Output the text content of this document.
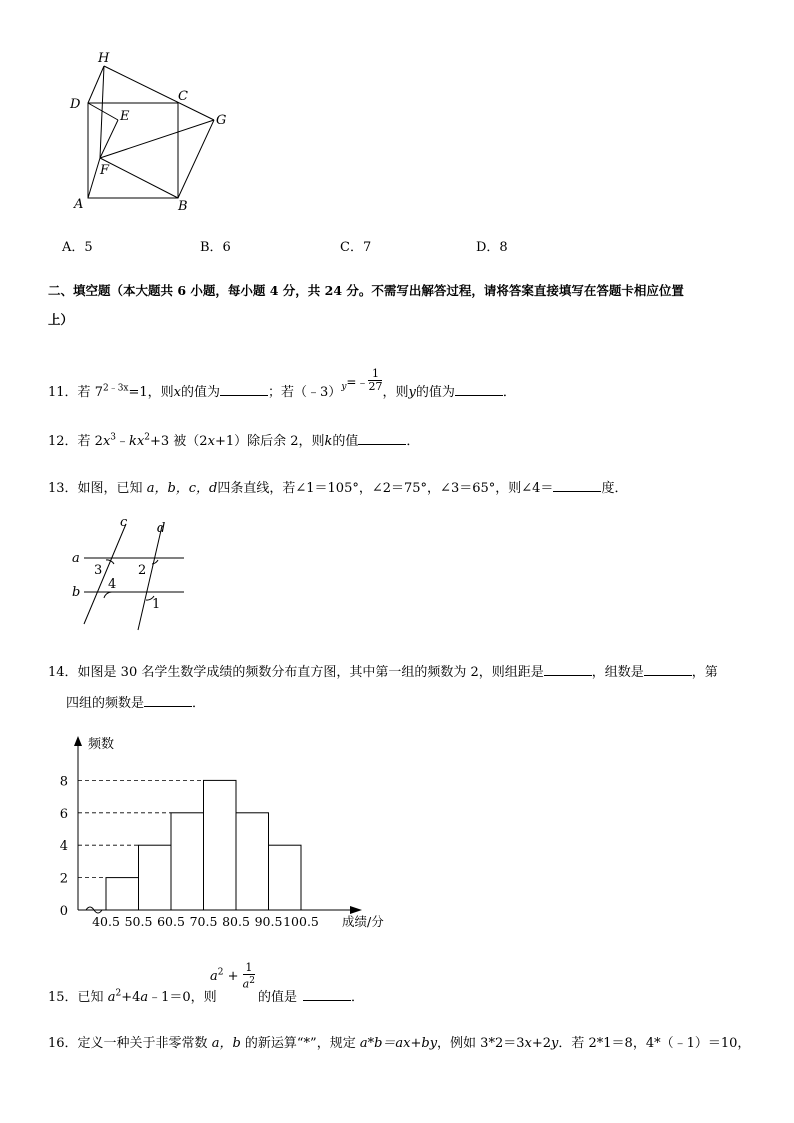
H
D
C
E	G
F
A	B
A．5	B．6	C．7	D．8
二、填空题（本大题共 6 小题，每小题 4 分，共 24 分。不需写出解答过程，请将答案直接填写在答题卡相应位置
上）
11．若 $7^{2﹣3x}=1$，则x的值为	；若（﹣3）$^y$=﹣ $\frac{1}{27}$ ，则y的值为	．
12．若 $2x^3﹣kx^2+3$ 被（2x+1）除后余 2，则k的值	．
13．如图，已知 a，b，c，d四条直线，若∠1＝105°，∠2＝75°，∠3＝65°，则∠4＝	度．
c d
a
b
3	2
4
1
14．如图是 30 名学生数学成绩的频数分布直方图，其中第一组的频数为 2，则组距是	，组数是	，第
四组的频数是	．
0
2
4
6
8
40.5 50.5 60.5 70.5 80.5 90.5 100.5
频数
成绩/分
15．已知 $a^2+4a﹣1=0$，则
$a^2 + \frac{1}{a^2}$
的值是	．
16．定义一种关于非零常数 a，b 的新运算“*”，规定 a*b＝ax+by，例如 3*2＝3x+2y．若 2*1＝8，4*（﹣1）＝10，
